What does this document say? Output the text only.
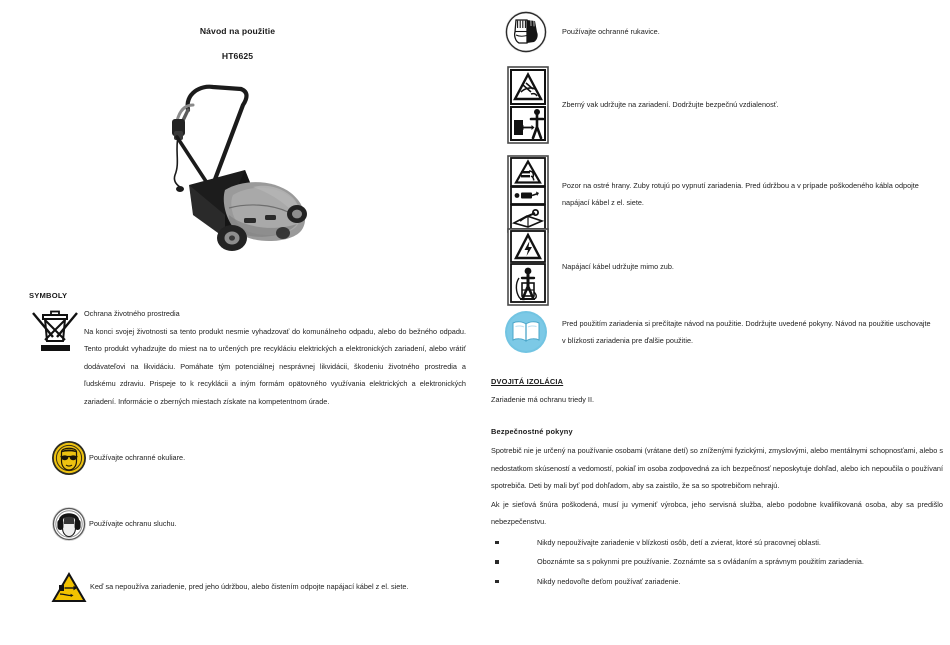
Návod na použitie
HT6625
SYMBOLY
Ochrana životného prostredia
Na konci svojej životnosti sa tento produkt nesmie vyhadzovať do komunálneho odpadu, alebo do bežného odpadu. Tento produkt vyhadzujte do miest na to určených pre recykláciu elektrických a elektronických zariadení, alebo vrátiť dodávateľovi na likvidáciu. Pomáhate tým potenciálnej nesprávnej likvidácii, škodeniu životného prostredia a ľudskému zdraviu. Prispeje to k recyklácii a iným formám opätovného využívania elektrických a elektronických zariadení. Informácie o zberných miestach získate na kompetentnom úrade.
Používajte ochranné okuliare.
Používajte ochranu sluchu.
Keď sa nepoužíva zariadenie, pred jeho údržbou, alebo čistením odpojte napájací kábel z el. siete.
Používajte ochranné rukavice.
Zberný vak udržujte na zariadení. Dodržujte bezpečnú vzdialenosť.
Pozor na ostré hrany. Zuby rotujú po vypnutí zariadenia. Pred údržbou a v prípade poškodeného kábla odpojte napájací kábel z el. siete.
Napájací kábel udržujte mimo zub.
Pred použitím zariadenia si prečítajte návod na použitie. Dodržujte uvedené pokyny. Návod na použitie uschovajte v blízkosti zariadenia pre ďalšie použitie.
DVOJITÁ IZOLÁCIA
Zariadenie má ochranu triedy II.
Bezpečnostné pokyny
Spotrebič nie je určený na používanie osobami (vrátane detí) so zníženými fyzickými, zmyslovými, alebo mentálnymi schopnosťami, alebo s nedostatkom skúseností a vedomostí, pokiaľ im osoba zodpovedná za ich bezpečnosť neposkytuje dohľad, alebo ich nepoučila o používaní spotrebiča. Deti by mali byť pod dohľadom, aby sa zaistilo, že sa so spotrebičom nehrajú.
Ak je sieťová šnúra poškodená, musí ju vymeniť výrobca, jeho servisná služba, alebo podobne kvalifikovaná osoba, aby sa predišlo nebezpečenstvu.
Nikdy nepoužívajte zariadenie v blízkosti osôb, detí a zvierat, ktoré sú pracovnej oblasti.
Oboznámte sa s pokynmi pre používanie. Zoznámte sa s ovládaním a správnym použitím zariadenia.
Nikdy nedovoľte deťom používať zariadenie.
